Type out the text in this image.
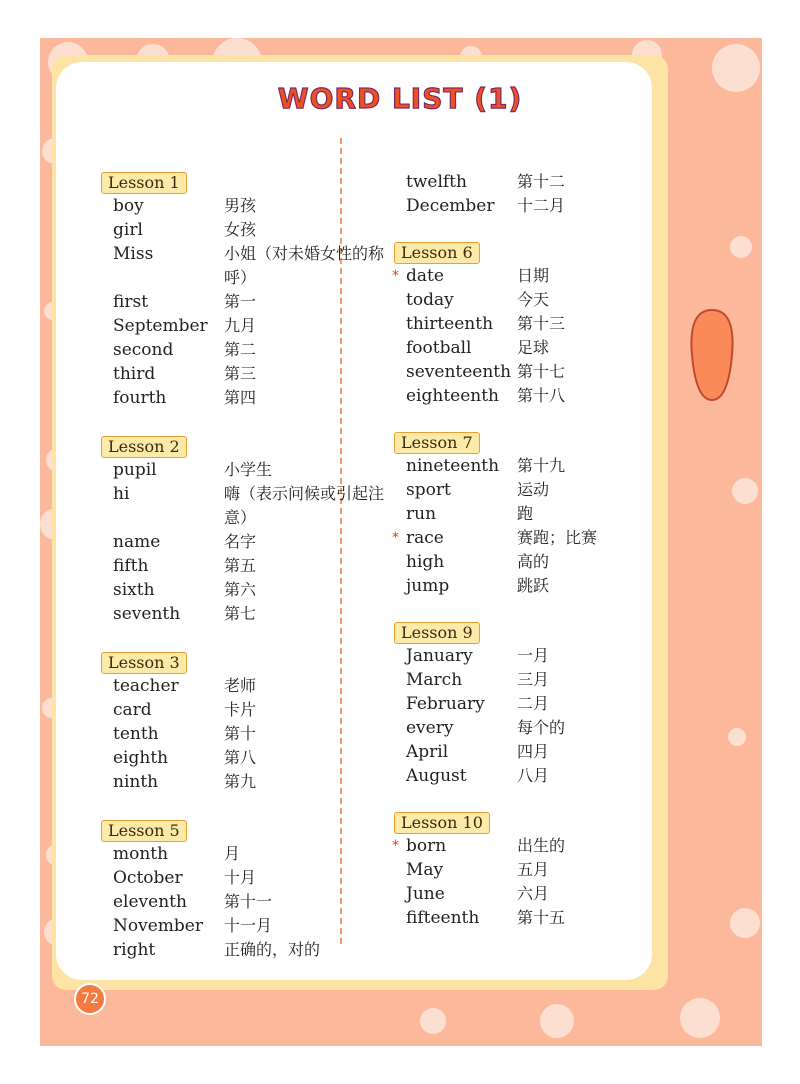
WORD LIST (1)
Lesson 1
boy	男孩
girl	女孩
Miss	小姐（对未婚女性的称呼）
first	第一
September 九月
second	第二
third	第三
fourth	第四
Lesson 2
pupil	小学生
hi	嗨（表示问候或引起注意）
name	名字
fifth	第五
sixth	第六
seventh	第七
Lesson 3
teacher	老师
card	卡片
tenth	第十
eighth	第八
ninth	第九
Lesson 5
month	月
October	十月
eleventh 第十一
November 十一月
right	正确的，对的
twelfth	第十二
December 十二月
Lesson 6
* date	日期
today	今天
thirteenth 第十三
football	足球
seventeenth 第十七
eighteenth 第十八
Lesson 7
nineteenth 第十九
sport	运动
run	跑
* race	赛跑；比赛
high	高的
jump	跳跃
Lesson 9
January	一月
March	三月
February 二月
every	每个的
April	四月
August	八月
Lesson 10
* born	出生的
May	五月
June	六月
fifteenth 第十五
72
